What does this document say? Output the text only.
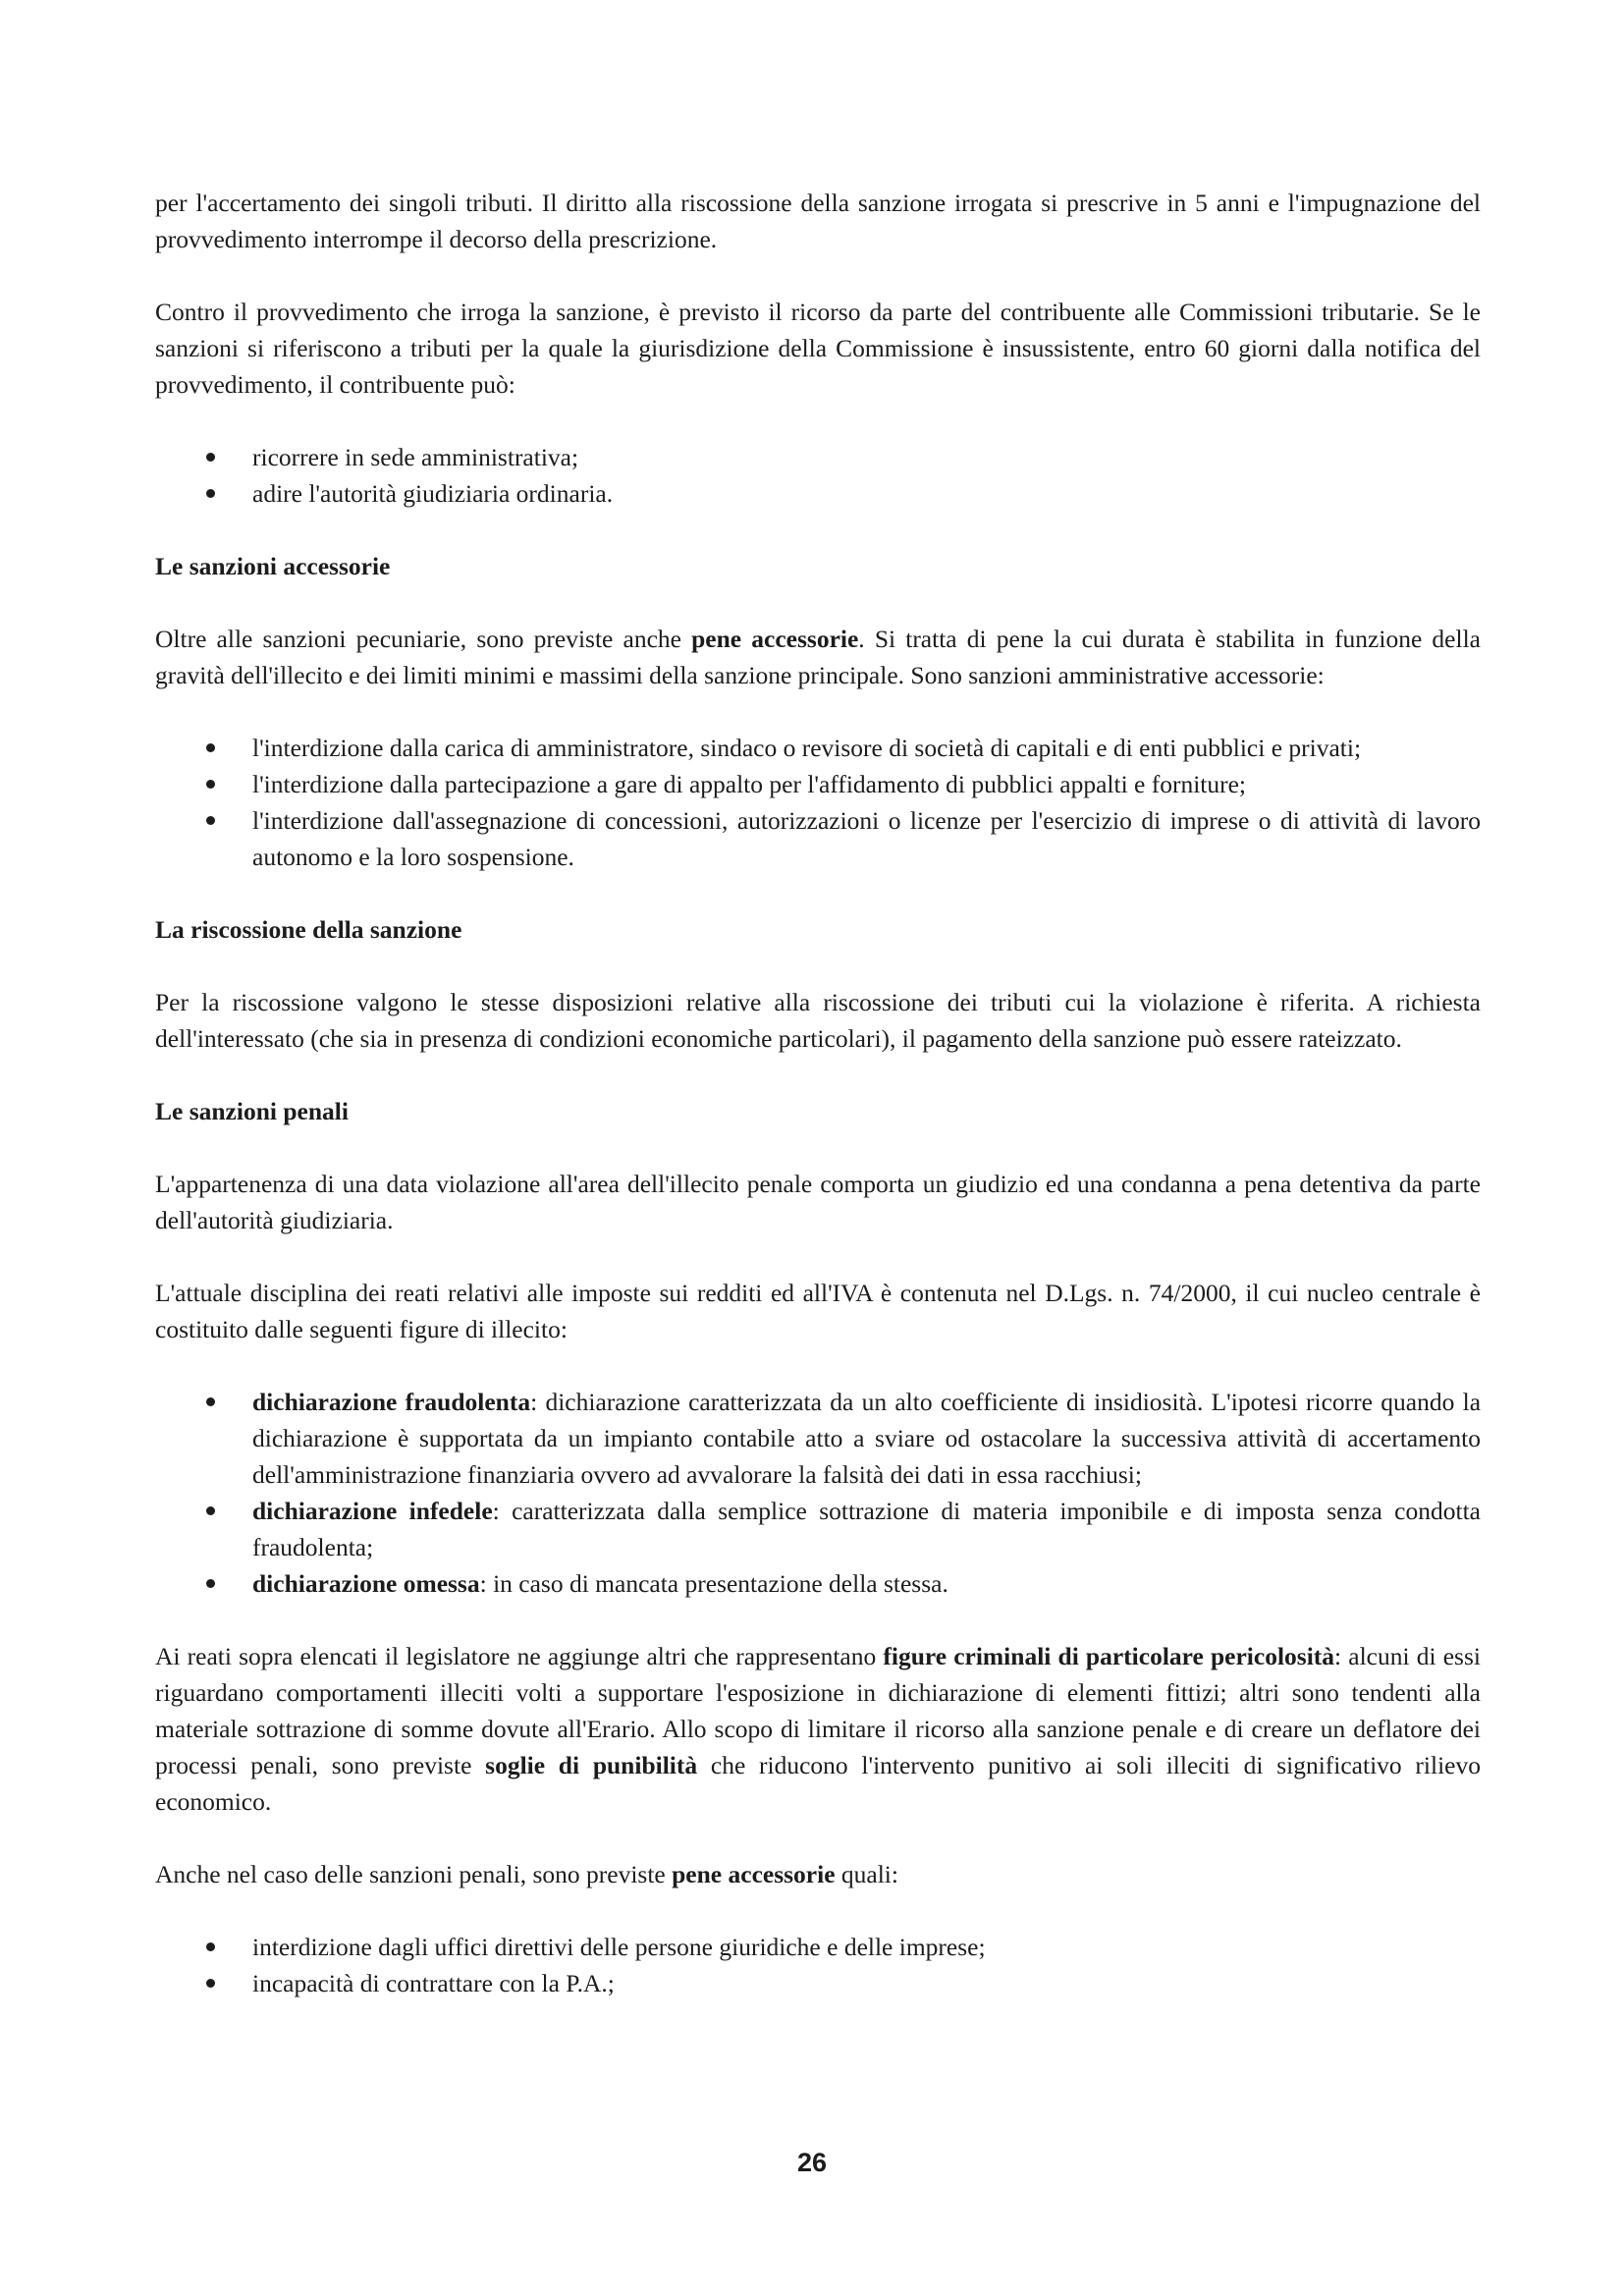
per l'accertamento dei singoli tributi. Il diritto alla riscossione della sanzione irrogata si prescrive in 5 anni e l'impugnazione del provvedimento interrompe il decorso della prescrizione.

Contro il provvedimento che irroga la sanzione, è previsto il ricorso da parte del contribuente alle Commissioni tributarie. Se le sanzioni si riferiscono a tributi per la quale la giurisdizione della Commissione è insussistente, entro 60 giorni dalla notifica del provvedimento, il contribuente può:

ricorrere in sede amministrativa;
adire l'autorità giudiziaria ordinaria.
Le sanzioni accessorie

Oltre alle sanzioni pecuniarie, sono previste anche pene accessorie. Si tratta di pene la cui durata è stabilita in funzione della gravità dell'illecito e dei limiti minimi e massimi della sanzione principale. Sono sanzioni amministrative accessorie:

l'interdizione dalla carica di amministratore, sindaco o revisore di società di capitali e di enti pubblici e privati;
l'interdizione dalla partecipazione a gare di appalto per l'affidamento di pubblici appalti e forniture;
l'interdizione dall'assegnazione di concessioni, autorizzazioni o licenze per l'esercizio di imprese o di attività di lavoro autonomo e la loro sospensione.
La riscossione della sanzione

Per la riscossione valgono le stesse disposizioni relative alla riscossione dei tributi cui la violazione è riferita. A richiesta dell'interessato (che sia in presenza di condizioni economiche particolari), il pagamento della sanzione può essere rateizzato.

Le sanzioni penali

L'appartenenza di una data violazione all'area dell'illecito penale comporta un giudizio ed una condanna a pena detentiva da parte dell'autorità giudiziaria.

L'attuale disciplina dei reati relativi alle imposte sui redditi ed all'IVA è contenuta nel D.Lgs. n. 74/2000, il cui nucleo centrale è costituito dalle seguenti figure di illecito:

dichiarazione fraudolenta: dichiarazione caratterizzata da un alto coefficiente di insidiosità. L'ipotesi ricorre quando la dichiarazione è supportata da un impianto contabile atto a sviare od ostacolare la successiva attività di accertamento dell'amministrazione finanziaria ovvero ad avvalorare la falsità dei dati in essa racchiusi;
dichiarazione infedele: caratterizzata dalla semplice sottrazione di materia imponibile e di imposta senza condotta fraudolenta;
dichiarazione omessa: in caso di mancata presentazione della stessa.

Ai reati sopra elencati il legislatore ne aggiunge altri che rappresentano figure criminali di particolare pericolosità: alcuni di essi riguardano comportamenti illeciti volti a supportare l'esposizione in dichiarazione di elementi fittizi; altri sono tendenti alla materiale sottrazione di somme dovute all'Erario. Allo scopo di limitare il ricorso alla sanzione penale e di creare un deflatore dei processi penali, sono previste soglie di punibilità che riducono l'intervento punitivo ai soli illeciti di significativo rilievo economico.

Anche nel caso delle sanzioni penali, sono previste pene accessorie quali:

interdizione dagli uffici direttivi delle persone giuridiche e delle imprese;
incapacità di contrattare con la P.A.;
26
